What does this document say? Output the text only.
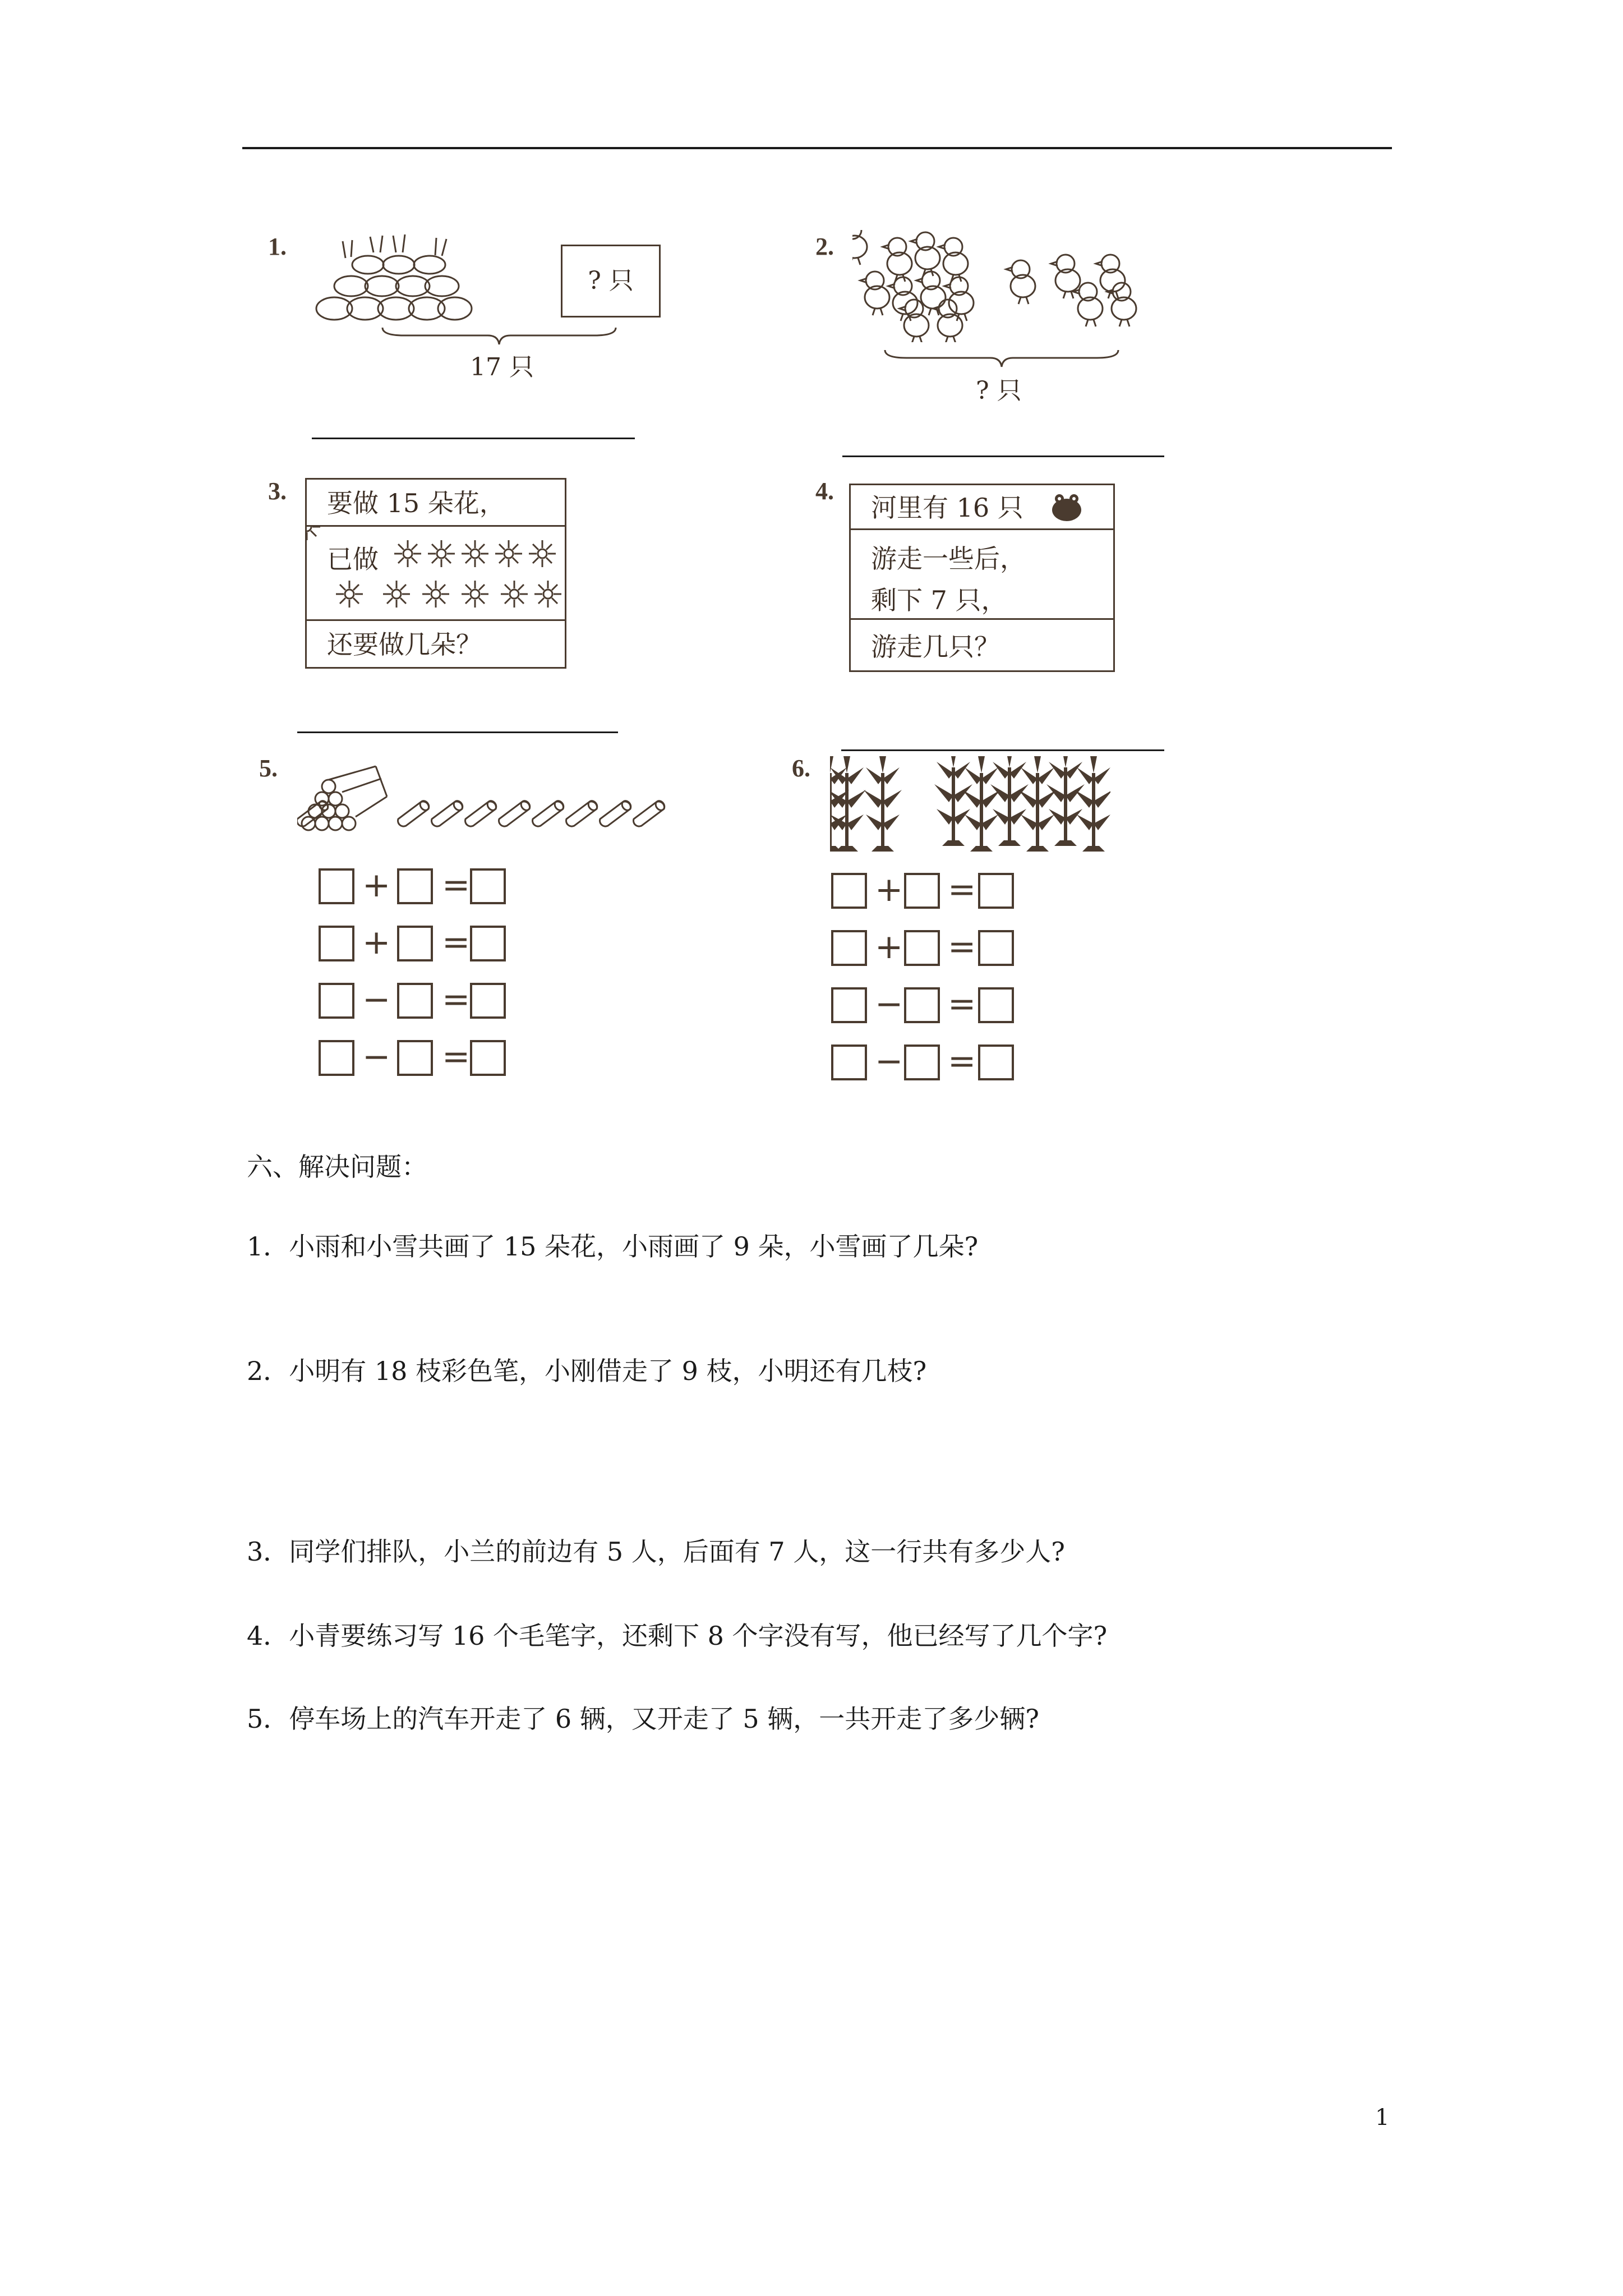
1.
? 只
17 只
2.
? 只
3.	要做 15 朵花，
已做
还要做几朵？
4.
河里有 16 只
游走一些后，
剩下 7 只，
游走几只？
5.
+ =
+ =
− =
− =
6.
+ =
+ =
− =
− =
六、解决问题：
1．小雨和小雪共画了 15 朵花，小雨画了 9 朵，小雪画了几朵?
2．小明有 18 枝彩色笔，小刚借走了 9 枝，小明还有几枝?
3．同学们排队，小兰的前边有 5 人，后面有 7 人，这一行共有多少人?
4．小青要练习写 16 个毛笔字，还剩下 8 个字没有写，他已经写了几个字?
5．停车场上的汽车开走了 6 辆，又开走了 5 辆，一共开走了多少辆?
1
